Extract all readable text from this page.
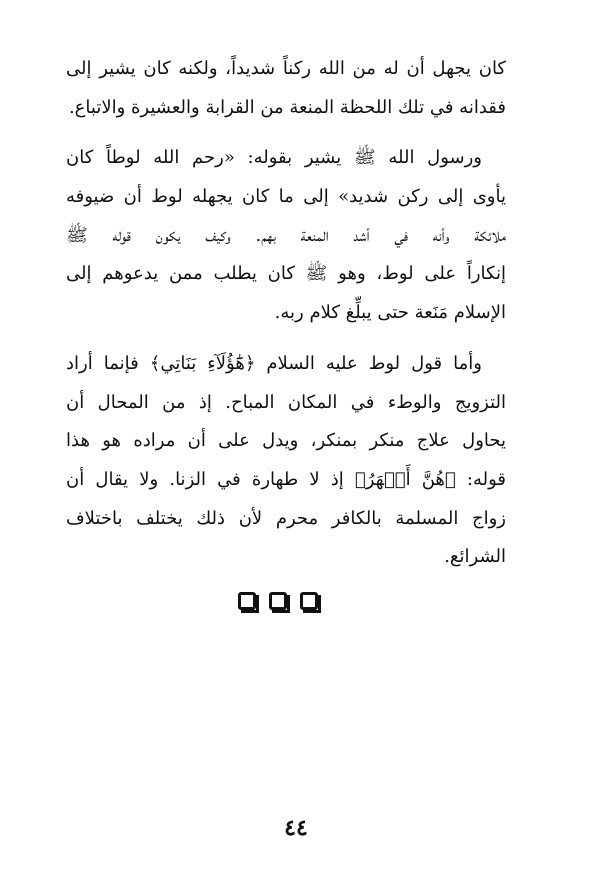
كان يجهل أن له من الله ركناً شديداً، ولكنه كان يشير إلى
فقدانه في تلك اللحظة المنعة من القرابة والعشيرة والاتباع.
ورسول الله ﷺ يشير بقوله: «رحم الله لوطاً كان
يأوى إلى ركن شديد» إلى ما كان يجهله لوط أن ضيوفه
ملائكة وأنه في أشد المنعة بهم. وكيف يكون قوله ﷺ
إنكاراً على لوط، وهو ﷺ كان يطلب ممن يدعوهم إلى
الإسلام مَنَعة حتى يبلِّغ كلام ربه.
وأما قول لوط عليه السلام ﴿هَٰٓؤُلَآءِ بَنَاتِي﴾ فإنما أراد
التزويج والوطء في المكان المباح. إذ من المحال أن
يحاول علاج منكر بمنكر، ويدل على أن مراده هو هذا
قوله: ﴿هُنَّ أَطۡهَرُ﴾ إذ لا طهارة في الزنا. ولا يقال أن
زواج المسلمة بالكافر محرم لأن ذلك يختلف باختلاف
الشرائع.
٤٤
